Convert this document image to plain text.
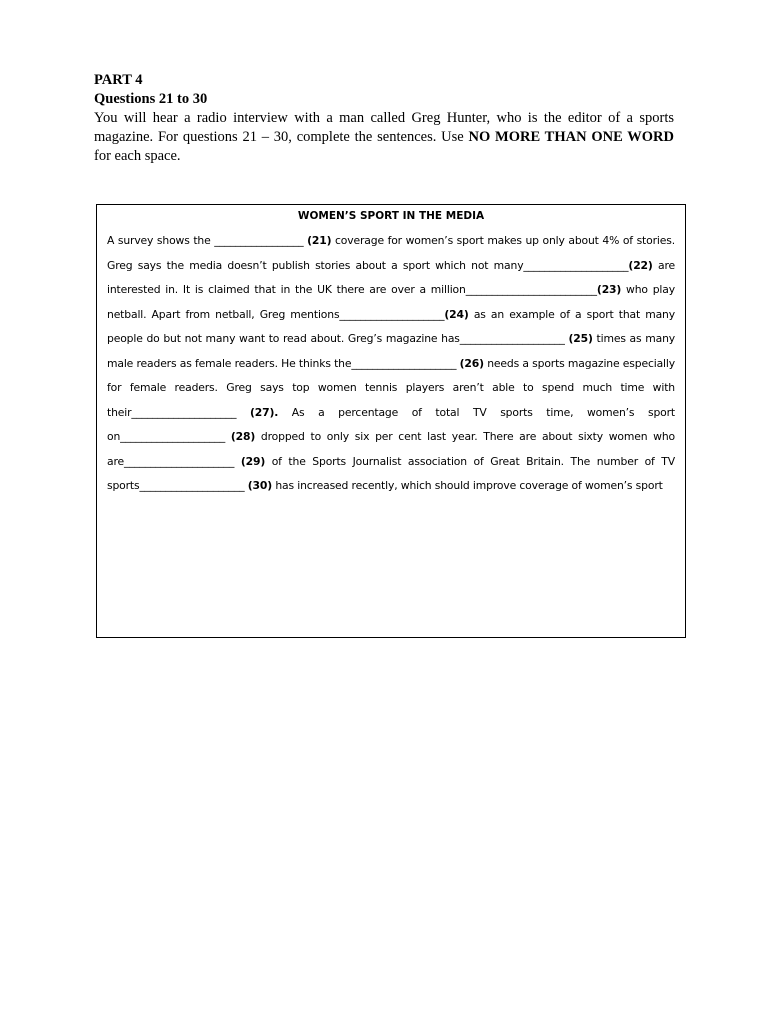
PART 4
Questions 21 to 30

You will hear a radio interview with a man called Greg Hunter, who is the editor of a sports magazine. For questions 21 – 30, complete the sentences. Use NO MORE THAN ONE WORD for each space.

WOMEN’S SPORT IN THE MEDIA
A survey shows the _________________ (21) coverage for women’s sport makes up only about 4% of stories. Greg says the media doesn’t publish stories about a sport which not many____________________(22) are interested in. It is claimed that in the UK there are over a million_________________________(23) who play netball. Apart from netball, Greg mentions____________________(24) as an example of a sport that many people do but not many want to read about. Greg’s magazine has____________________ (25) times as many male readers as female readers. He thinks the____________________ (26) needs a sports magazine especially for female readers. Greg says top women tennis players aren’t able to spend much time with their____________________ (27). As a percentage of total TV sports time, women’s sport on____________________ (28) dropped to only six per cent last year. There are about sixty women who are_____________________ (29) of the Sports Journalist association of Great Britain. The number of TV sports____________________ (30) has increased recently, which should improve coverage of women’s sport
